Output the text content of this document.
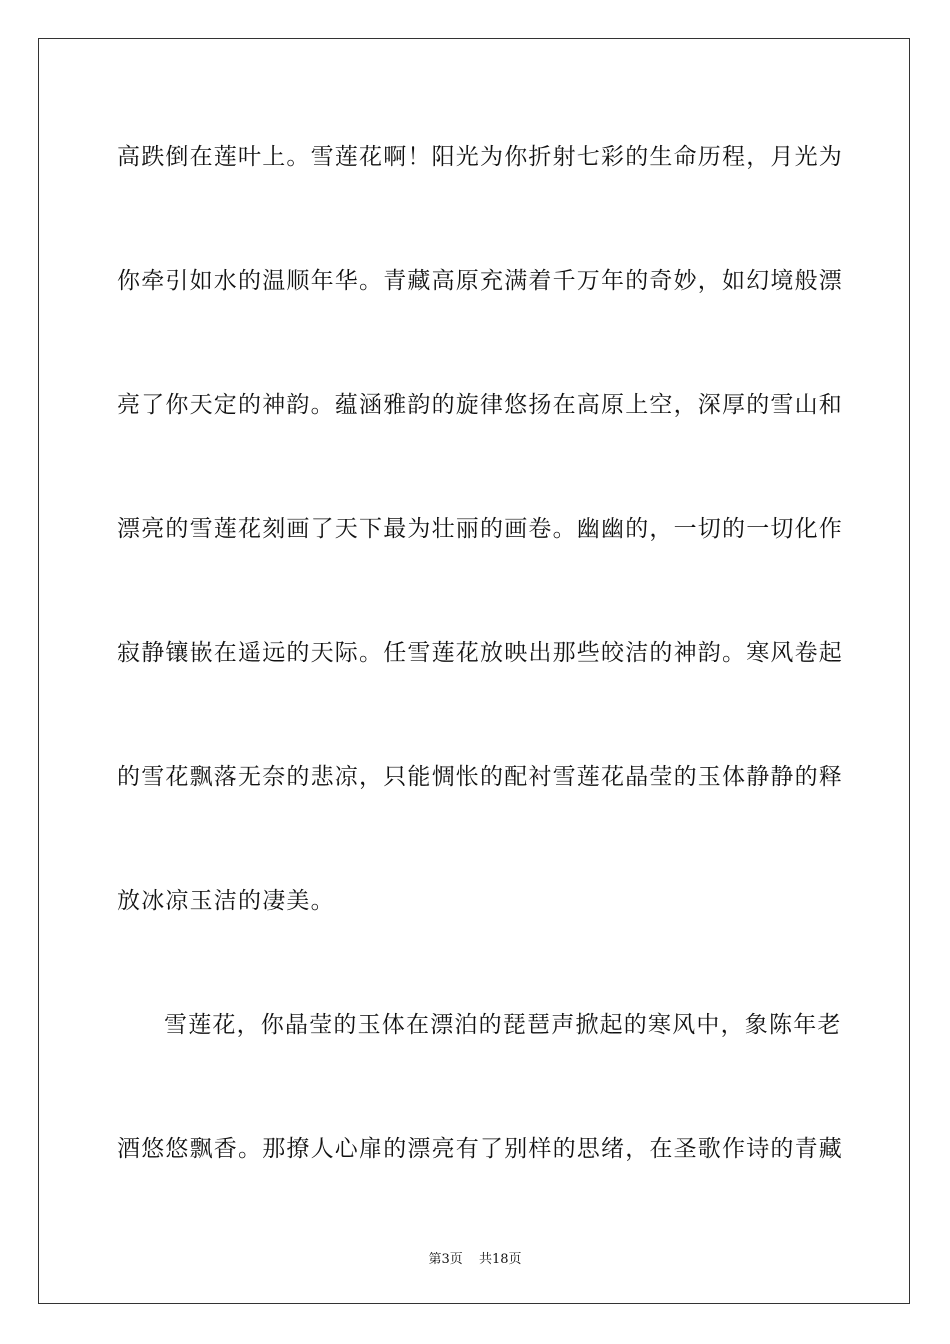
高跌倒在莲叶上。雪莲花啊！阳光为你折射七彩的生命历程，月光为
你牵引如水的温顺年华。青藏高原充满着千万年的奇妙，如幻境般漂
亮了你天定的神韵。蕴涵雅韵的旋律悠扬在高原上空，深厚的雪山和
漂亮的雪莲花刻画了天下最为壮丽的画卷。幽幽的，一切的一切化作
寂静镶嵌在遥远的天际。任雪莲花放映出那些皎洁的神韵。寒风卷起
的雪花飘落无奈的悲凉，只能惆怅的配衬雪莲花晶莹的玉体静静的释
放冰凉玉洁的凄美。
雪莲花，你晶莹的玉体在漂泊的琵琶声掀起的寒风中，象陈年老
酒悠悠飘香。那撩人心扉的漂亮有了别样的思绪，在圣歌作诗的青藏
第3页 共18页
